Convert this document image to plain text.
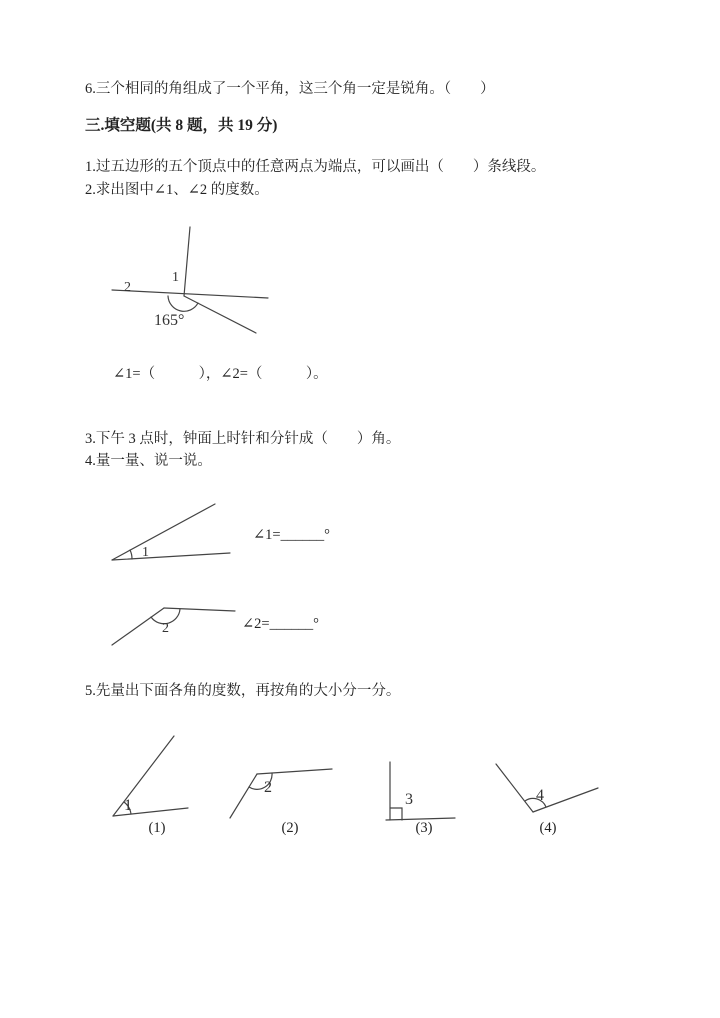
6.三个相同的角组成了一个平角，这三个角一定是锐角。（　　）
三.填空题(共 8 题，共 19 分)
1.过五边形的五个顶点中的任意两点为端点，可以画出（　　）条线段。
2.求出图中∠1、∠2 的度数。
2
1
165°
∠1=（　　　），∠2=（　　　）。
3.下午 3 点时，钟面上时针和分针成（　　）角。
4.量一量、说一说。
1
∠1=______°
2	∠2=______°
5.先量出下面各角的度数，再按角的大小分一分。
1
(1)
2
(2)
3
(3)
4
(4)
